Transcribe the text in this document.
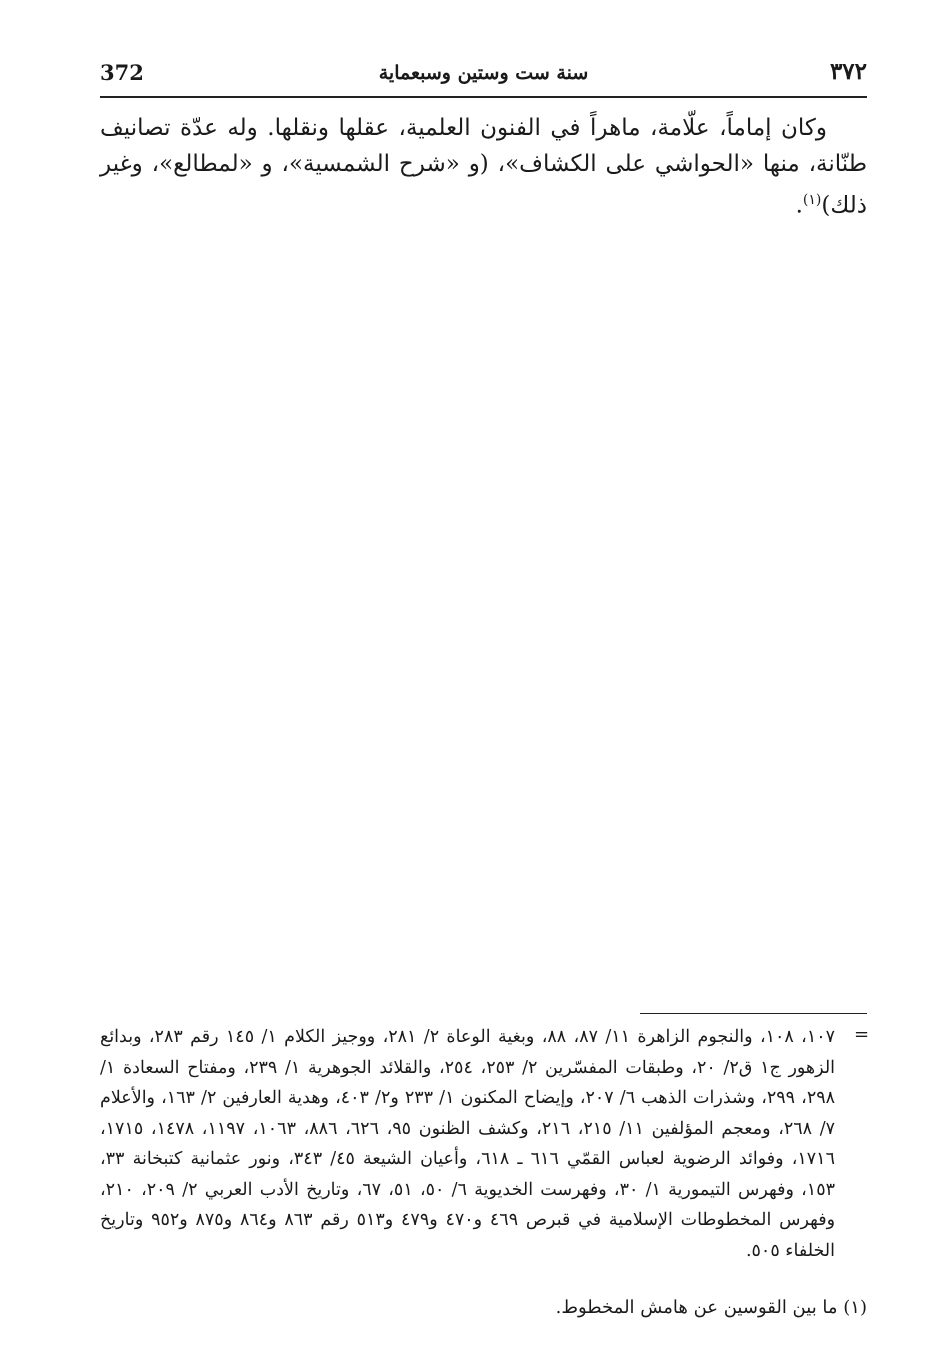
372	سنة ست وستين وسبعماية	٣٧٢

وكان إماماً، علّامة، ماهراً في الفنون العلمية، عقلها ونقلها. وله عدّة تصانيف طنّانة، منها «الحواشي على الكشاف»، (و «شرح الشمسية»، و «لمطالع»، وغير ذلك)$^{(١)}$.

=
١٠٧، ١٠٨، والنجوم الزاهرة ١١/ ٨٧، ٨٨، وبغية الوعاة ٢/ ٢٨١، ووجيز الكلام ١/ ١٤٥ رقم ٢٨٣، وبدائع الزهور ج١ ق٢/ ٢٠، وطبقات المفسّرين ٢/ ٢٥٣، ٢٥٤، والقلائد الجوهرية ١/ ٢٣٩، ومفتاح السعادة ١/ ٢٩٨، ٢٩٩، وشذرات الذهب ٦/ ٢٠٧، وإيضاح المكنون ١/ ٢٣٣ و٢/ ٤٠٣، وهدية العارفين ٢/ ١٦٣، والأعلام ٧/ ٢٦٨، ومعجم المؤلفين ١١/ ٢١٥، ٢١٦، وكشف الظنون ٩٥، ٦٢٦، ٨٨٦، ١٠٦٣، ١١٩٧، ١٤٧٨، ١٧١٥، ١٧١٦، وفوائد الرضوية لعباس القمّي ٦١٦ ـ ٦١٨، وأعيان الشيعة ٤٥/ ٣٤٣، ونور عثمانية كتبخانة ٣٣، ١٥٣، وفهرس التيمورية ١/ ٣٠، وفهرست الخديوية ٦/ ٥٠، ٥١، ٦٧، وتاريخ الأدب العربي ٢/ ٢٠٩، ٢١٠، وفهرس المخطوطات الإسلامية في قبرص ٤٦٩ و٤٧٠ و٤٧٩ و٥١٣ رقم ٨٦٣ و٨٦٤ و٨٧٥ و٩٥٢ وتاريخ الخلفاء ٥٠٥.
(١) ما بين القوسين عن هامش المخطوط.
